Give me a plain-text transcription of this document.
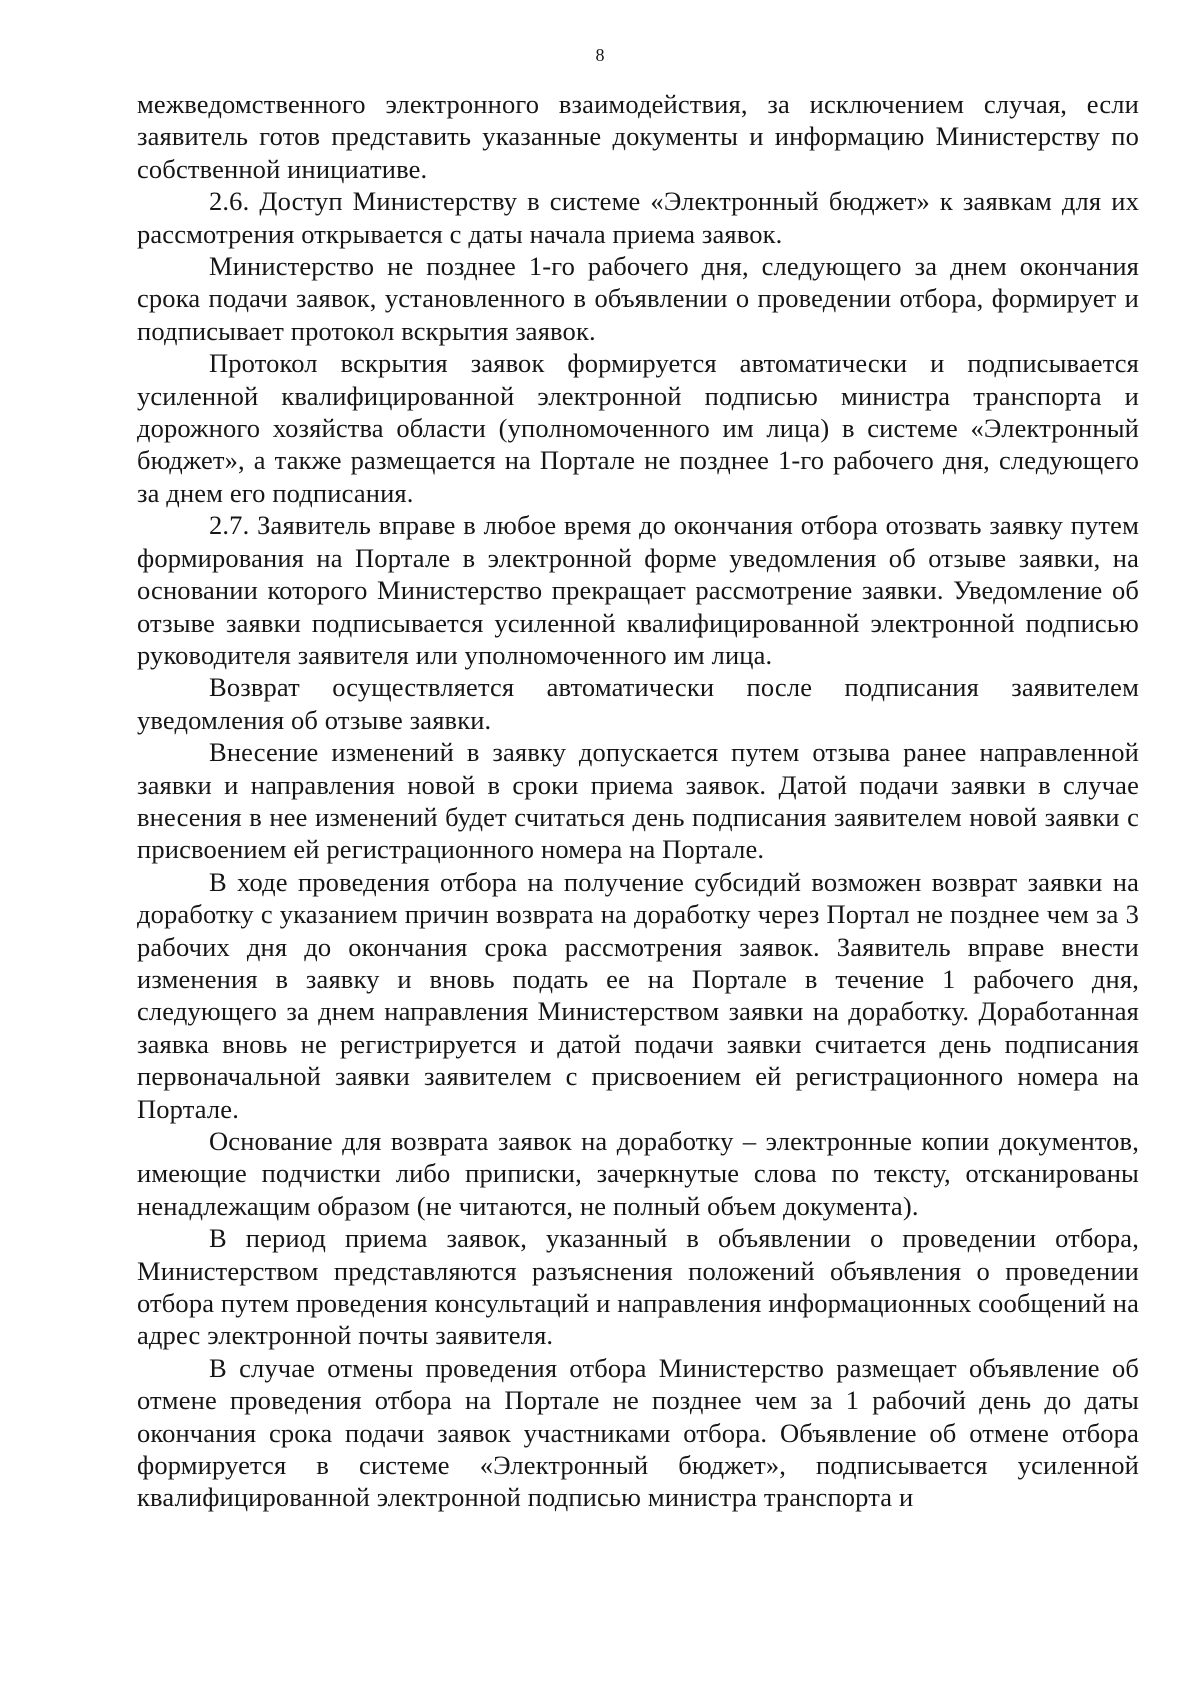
8

межведомственного электронного взаимодействия, за исключением случая, если заявитель готов представить указанные документы и информацию Министерству по собственной инициативе.

2.6. Доступ Министерству в системе «Электронный бюджет» к заявкам для их рассмотрения открывается с даты начала приема заявок.

Министерство не позднее 1-го рабочего дня, следующего за днем окончания срока подачи заявок, установленного в объявлении о проведении отбора, формирует и подписывает протокол вскрытия заявок.

Протокол вскрытия заявок формируется автоматически и подписывается усиленной квалифицированной электронной подписью министра транспорта и дорожного хозяйства области (уполномоченного им лица) в системе «Электронный бюджет», а также размещается на Портале не позднее 1-го рабочего дня, следующего за днем его подписания.

2.7. Заявитель вправе в любое время до окончания отбора отозвать заявку путем формирования на Портале в электронной форме уведомления об отзыве заявки, на основании которого Министерство прекращает рассмотрение заявки. Уведомление об отзыве заявки подписывается усиленной квалифицированной электронной подписью руководителя заявителя или уполномоченного им лица.

Возврат осуществляется автоматически после подписания заявителем уведомления об отзыве заявки.

Внесение изменений в заявку допускается путем отзыва ранее направленной заявки и направления новой в сроки приема заявок. Датой подачи заявки в случае внесения в нее изменений будет считаться день подписания заявителем новой заявки с присвоением ей регистрационного номера на Портале.

В ходе проведения отбора на получение субсидий возможен возврат заявки на доработку с указанием причин возврата на доработку через Портал не позднее чем за 3 рабочих дня до окончания срока рассмотрения заявок. Заявитель вправе внести изменения в заявку и вновь подать ее на Портале в течение 1 рабочего дня, следующего за днем направления Министерством заявки на доработку. Доработанная заявка вновь не регистрируется и датой подачи заявки считается день подписания первоначальной заявки заявителем с присвоением ей регистрационного номера на Портале.

Основание для возврата заявок на доработку – электронные копии документов, имеющие подчистки либо приписки, зачеркнутые слова по тексту, отсканированы ненадлежащим образом (не читаются, не полный объем документа).

В период приема заявок, указанный в объявлении о проведении отбора, Министерством представляются разъяснения положений объявления о проведении отбора путем проведения консультаций и направления информационных сообщений на адрес электронной почты заявителя.

В случае отмены проведения отбора Министерство размещает объявление об отмене проведения отбора на Портале не позднее чем за 1 рабочий день до даты окончания срока подачи заявок участниками отбора. Объявление об отмене отбора формируется в системе «Электронный бюджет», подписывается усиленной квалифицированной электронной подписью министра транспорта и
